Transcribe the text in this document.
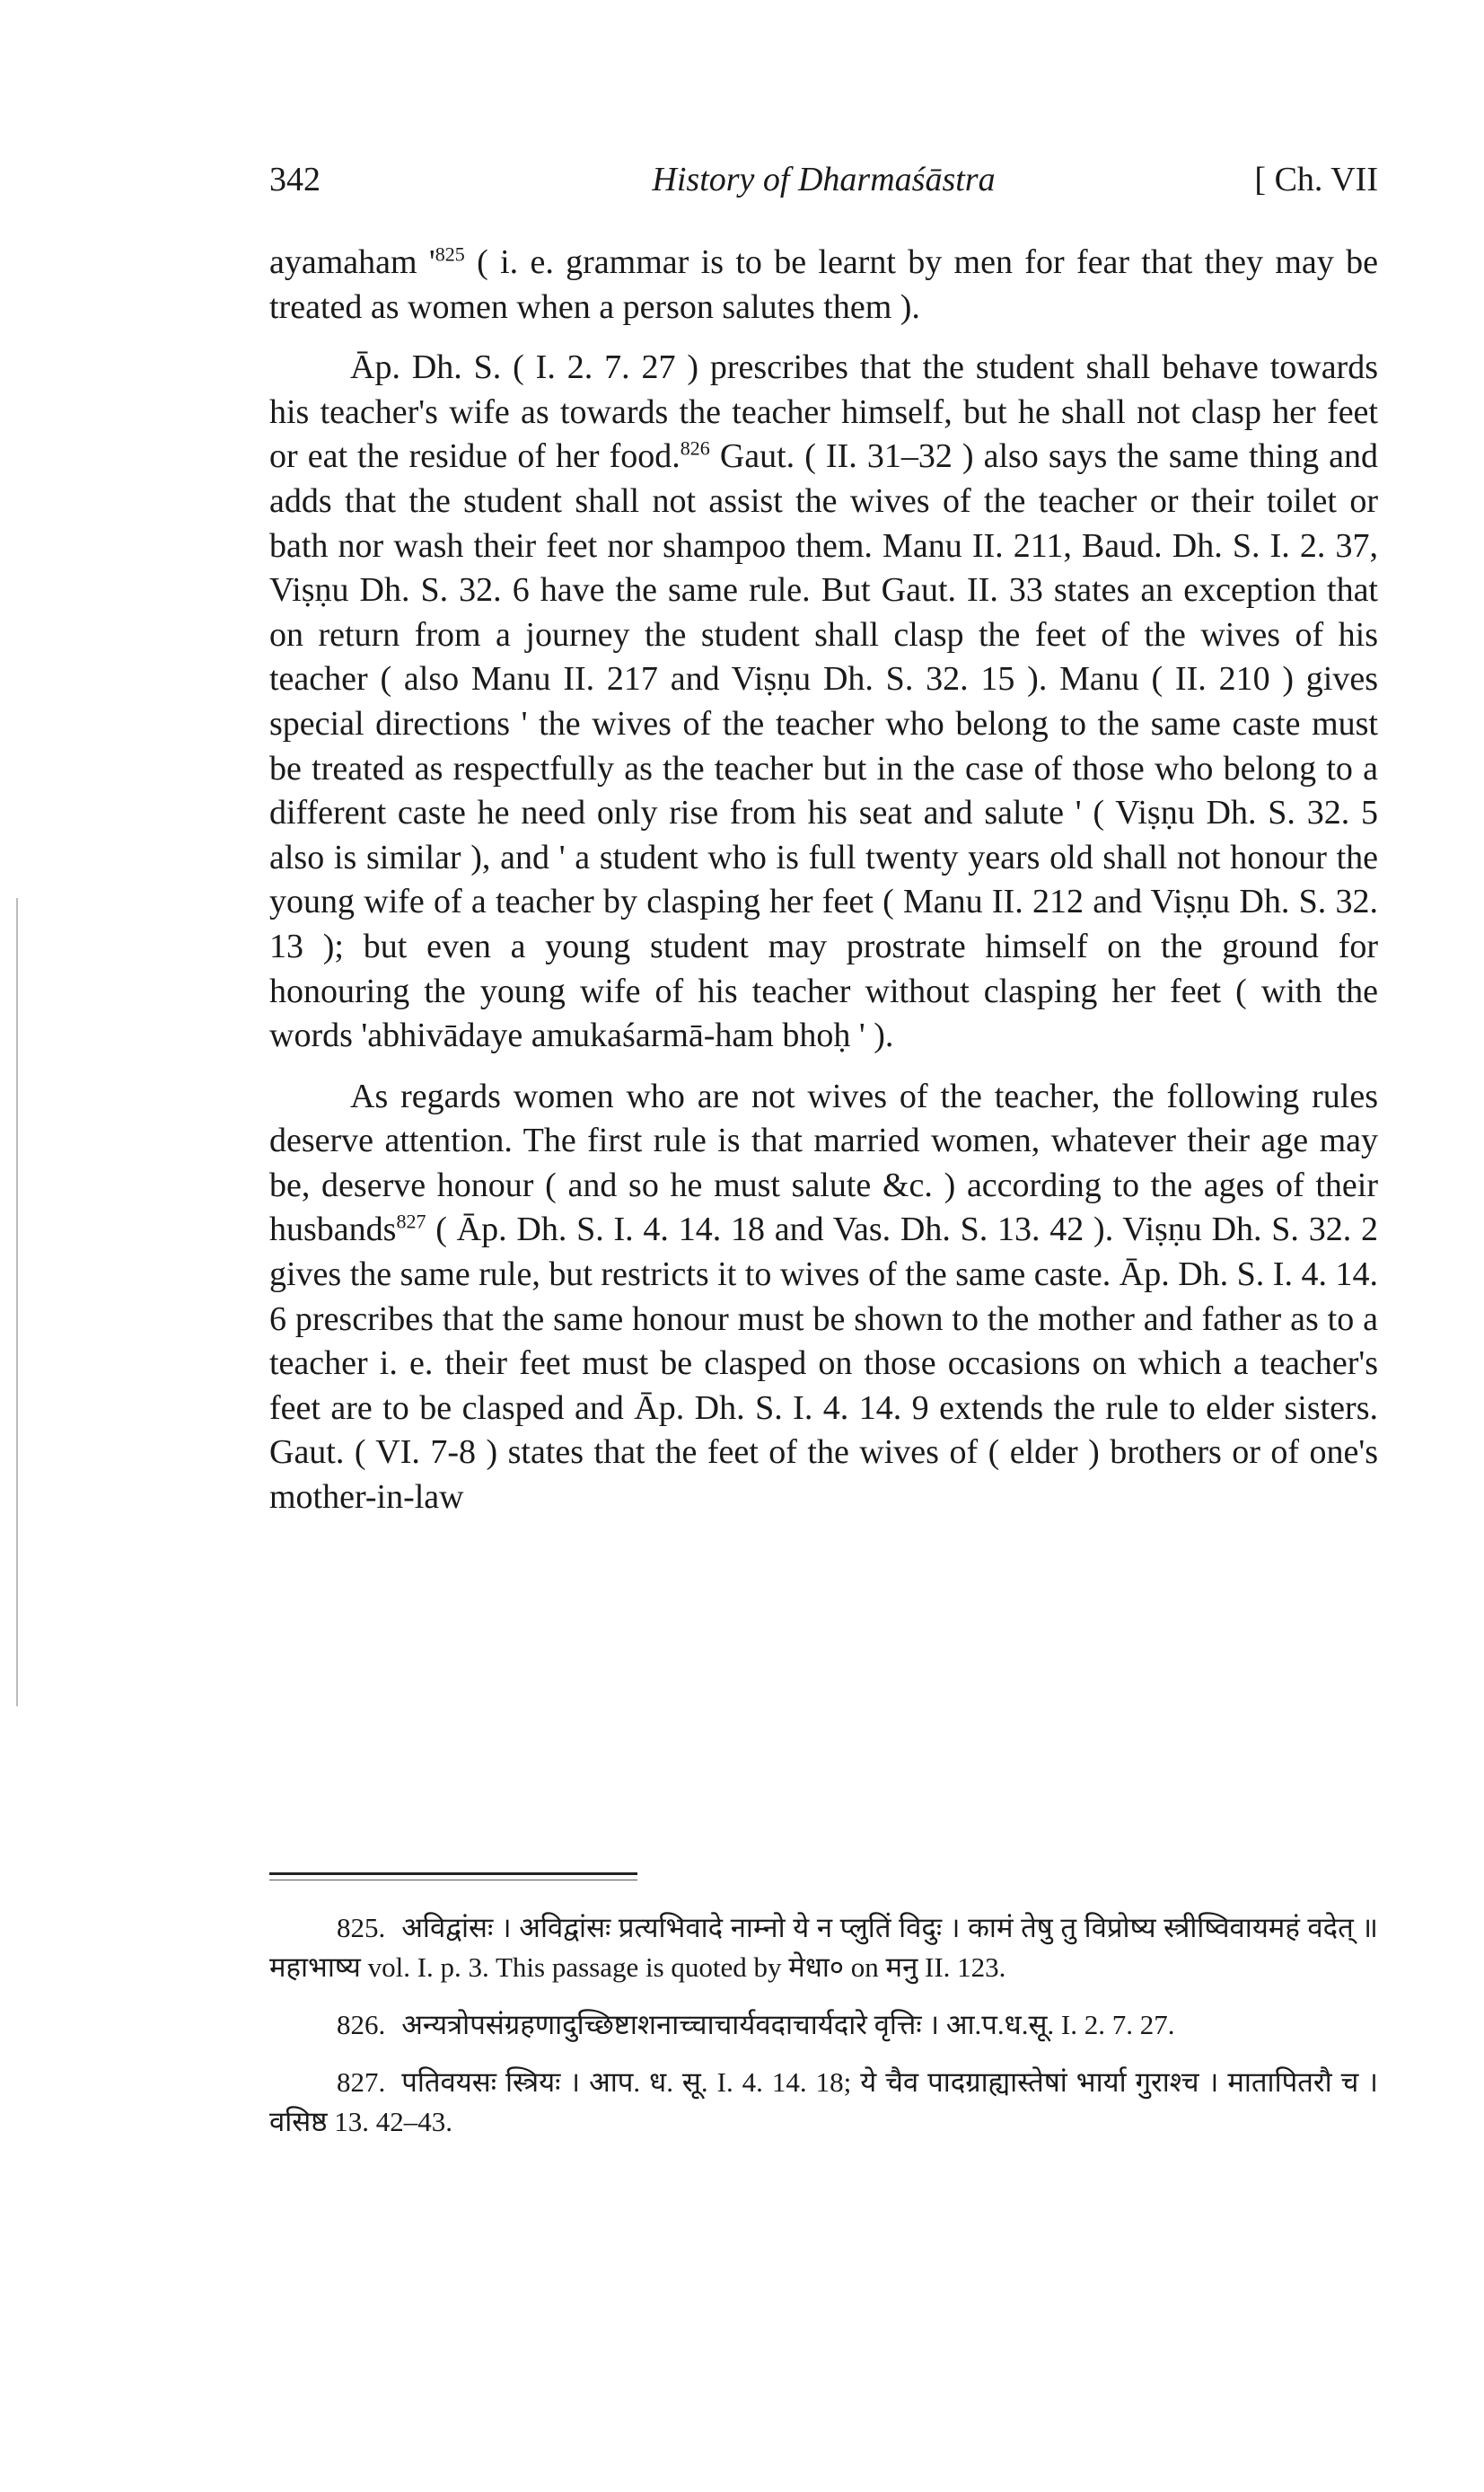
342	History of Dharmaśāstra	[ Ch. VII

ayamaham '$^{825}$ ( i. e. grammar is to be learnt by men for fear that they may be treated as women when a person salutes them ).

Āp. Dh. S. ( I. 2. 7. 27 ) prescribes that the student shall behave towards his teacher's wife as towards the teacher himself, but he shall not clasp her feet or eat the residue of her food.$^{826}$ Gaut. ( II. 31–32 ) also says the same thing and adds that the student shall not assist the wives of the teacher or their toilet or bath nor wash their feet nor shampoo them. Manu II. 211, Baud. Dh. S. I. 2. 37, Viṣṇu Dh. S. 32. 6 have the same rule. But Gaut. II. 33 states an exception that on return from a journey the student shall clasp the feet of the wives of his teacher ( also Manu II. 217 and Viṣṇu Dh. S. 32. 15 ). Manu ( II. 210 ) gives special directions ' the wives of the teacher who belong to the same caste must be treated as respectfully as the teacher but in the case of those who belong to a different caste he need only rise from his seat and salute ' ( Viṣṇu Dh. S. 32. 5 also is similar ), and ' a student who is full twenty years old shall not honour the young wife of a teacher by clasping her feet ( Manu II. 212 and Viṣṇu Dh. S. 32. 13 ); but even a young student may prostrate himself on the ground for honouring the young wife of his teacher without clasping her feet ( with the words 'abhivādaye amukaśarmā-ham bhoḥ ' ).

As regards women who are not wives of the teacher, the following rules deserve attention. The first rule is that married women, whatever their age may be, deserve honour ( and so he must salute &c. ) according to the ages of their husbands$^{827}$ ( Āp. Dh. S. I. 4. 14. 18 and Vas. Dh. S. 13. 42 ). Viṣṇu Dh. S. 32. 2 gives the same rule, but restricts it to wives of the same caste. Āp. Dh. S. I. 4. 14. 6 prescribes that the same honour must be shown to the mother and father as to a teacher i. e. their feet must be clasped on those occasions on which a teacher's feet are to be clasped and Āp. Dh. S. I. 4. 14. 9 extends the rule to elder sisters. Gaut. ( VI. 7-8 ) states that the feet of the wives of ( elder ) brothers or of one's mother-in-law

825. अविद्वांसः । अविद्वांसः प्रत्यभिवादे नाम्नो ये न प्लुतिं विदुः । कामं तेषु तु विप्रोष्य स्त्रीष्विवायमहं वदेत् ॥ महाभाष्य vol. I. p. 3. This passage is quoted by मेधा० on मनु II. 123.

826. अन्यत्रोपसंग्रहणादुच्छिष्टाशनाच्चाचार्यवदाचार्यदारे वृत्तिः । आ.प.ध.सू. I. 2. 7. 27.

827. पतिवयसः स्त्रियः । आप. ध. सू. I. 4. 14. 18; ये चैव पादग्राह्यास्तेषां भार्या गुराश्च । मातापितरौ च । वसिष्ठ 13. 42–43.
